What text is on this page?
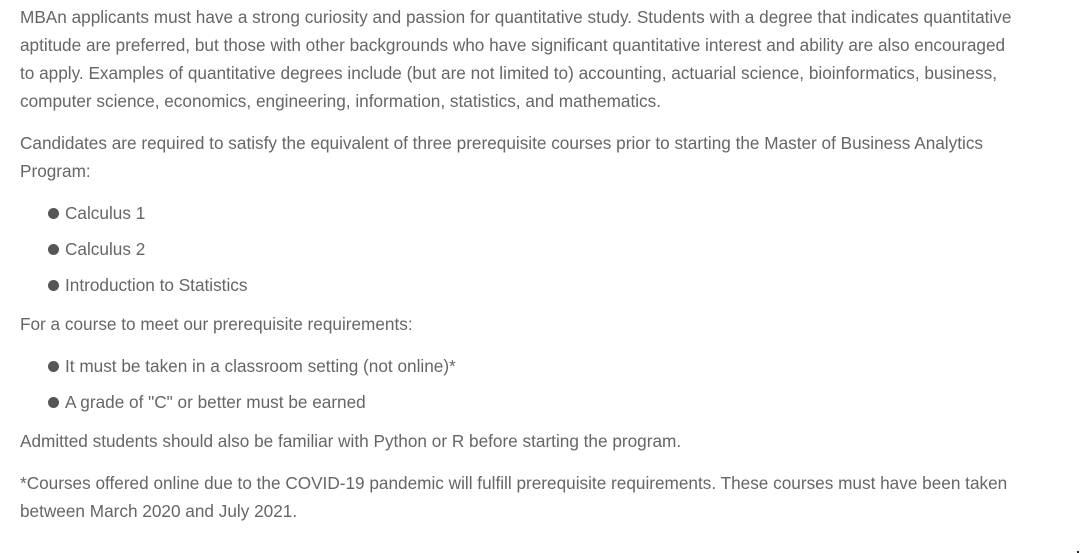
MBAn applicants must have a strong curiosity and passion for quantitative study. Students with a degree that indicates quantitative aptitude are preferred, but those with other backgrounds who have significant quantitative interest and ability are also encouraged to apply. Examples of quantitative degrees include (but are not limited to) accounting, actuarial science, bioinformatics, business, computer science, economics, engineering, information, statistics, and mathematics.

Candidates are required to satisfy the equivalent of three prerequisite courses prior to starting the Master of Business Analytics Program:

Calculus 1
Calculus 2
Introduction to Statistics

For a course to meet our prerequisite requirements:

It must be taken in a classroom setting (not online)*
A grade of "C" or better must be earned

Admitted students should also be familiar with Python or R before starting the program.

*Courses offered online due to the COVID-19 pandemic will fulfill prerequisite requirements. These courses must have been taken between March 2020 and July 2021.
